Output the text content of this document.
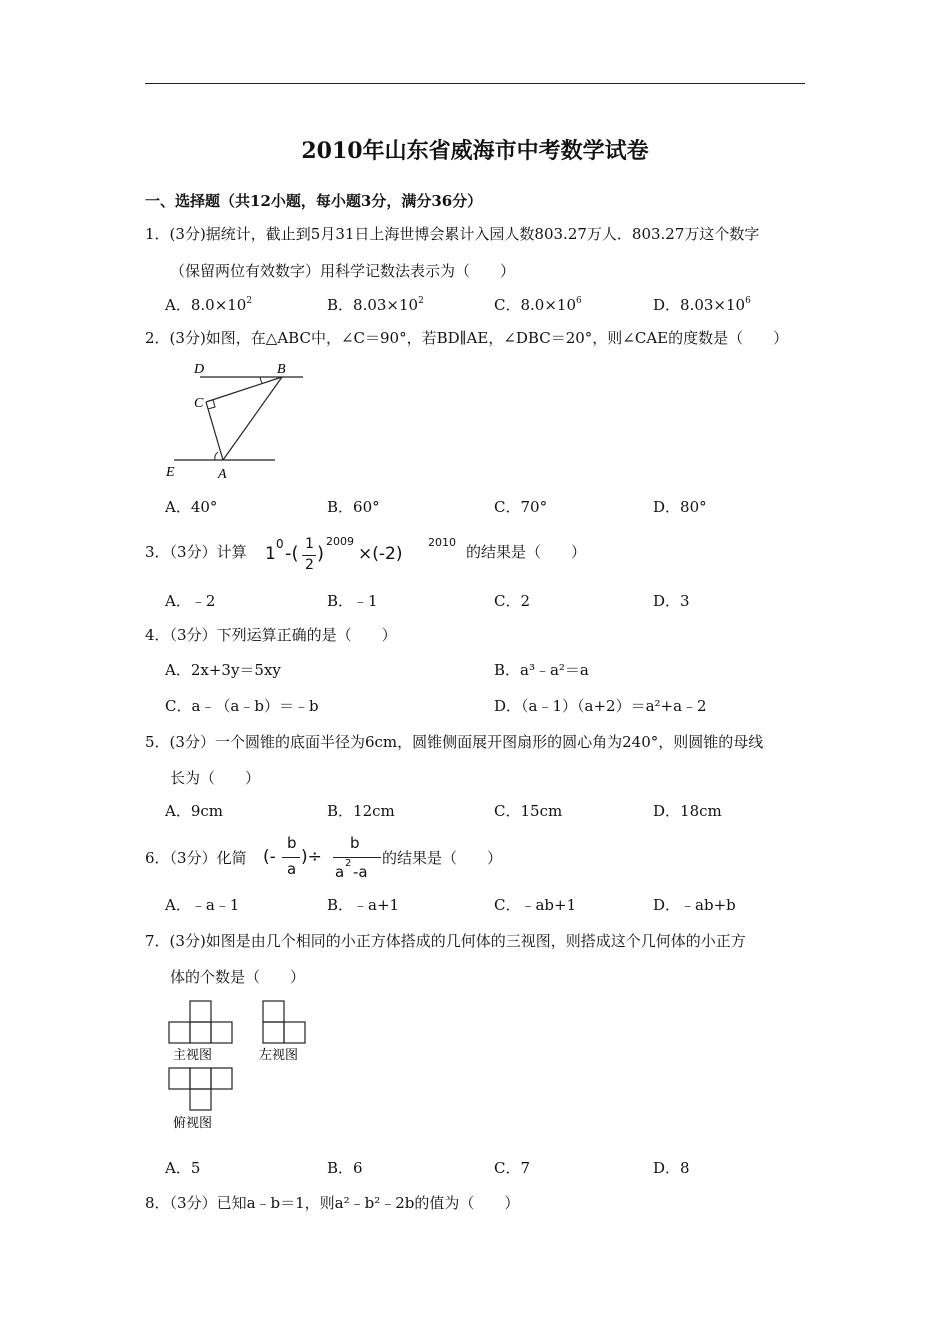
2010年山东省威海市中考数学试卷
一、选择题（共12小题，每小题3分，满分36分）
1．(3分)据统计，截止到5月31日上海世博会累计入园人数803.27万人．803.27万这个数字
（保留两位有效数字）用科学记数法表示为（　　）
A．$8.0\times 10^2$	B．$8.03\times 10^2$	C．$8.0\times 10^6$	D．$8.03\times 10^6$
2．(3分)如图，在△ABC中，∠C＝90°，若BD∥AE，∠DBC＝20°，则∠CAE的度数是（　　）
D	B
C
E	A
A．40°	B．60°	C．70°	D．80°
3．（3分）计算 1 0 -( 1
2
)
2009
×(-2)
2010
的结果是（　　）
A．﹣2	B．﹣1	C．2	D．3
4．（3分）下列运算正确的是（　　）
A．2x+3y＝5xy	B．a³﹣a²＝a
C．a﹣（a﹣b）＝﹣b	D．（a﹣1）（a+2）＝a²+a﹣2
5．(3分）一个圆锥的底面半径为6cm，圆锥侧面展开图扇形的圆心角为240°，则圆锥的母线
长为（　　）
A．9cm	B．12cm	C．15cm	D．18cm
6．（3分）化简 (-
b
a
)÷
b
a 2 -a
的结果是（　　）
A．﹣a﹣1	B．﹣a+1	C．﹣ab+1	D．﹣ab+b
7．(3分)如图是由几个相同的小正方体搭成的几何体的三视图，则搭成这个几何体的小正方
体的个数是（　　）
主视图	左视图
俯视图
A．5	B．6	C．7	D．8
8．（3分）已知a﹣b＝1，则a²﹣b²﹣2b的值为（　　）
